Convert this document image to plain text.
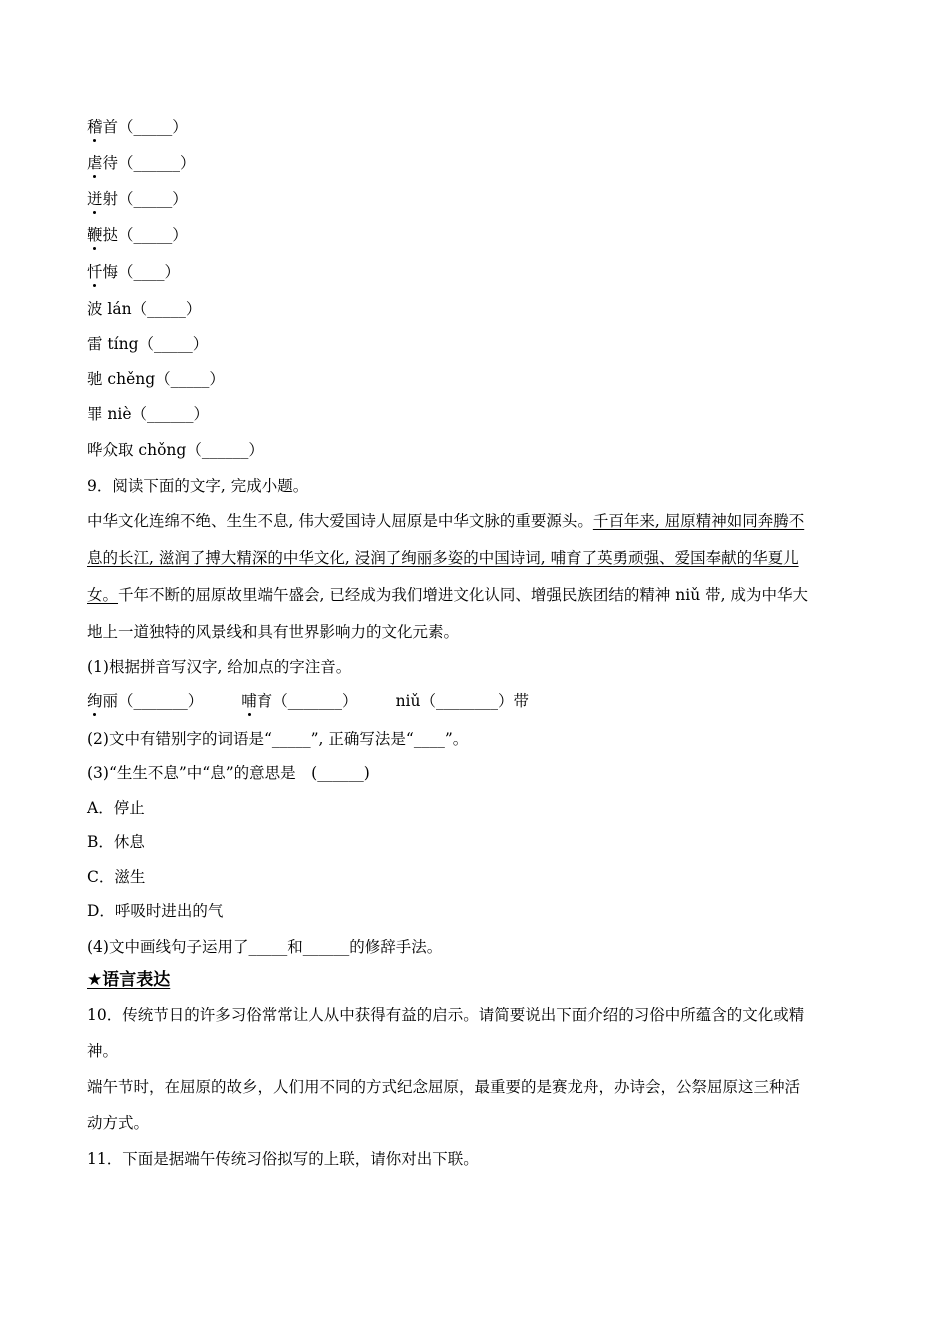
稽首（_____）
虐待（______）
迸射（_____）
鞭挞（_____）
忏悔（____）
波 lán（_____）
雷 tíng（_____）
驰 chěng（_____）
罪 niè（______）
哗众取 chǒng（______）
9．阅读下面的文字, 完成小题。
中华文化连绵不绝、生生不息, 伟大爱国诗人屈原是中华文脉的重要源头。千百年来, 屈原精神如同奔腾不
息的长江, 滋润了搏大精深的中华文化, 浸润了绚丽多姿的中国诗词, 哺育了英勇顽强、爱国奉献的华夏儿
女。千年不断的屈原故里端午盛会, 已经成为我们增进文化认同、增强民族团结的精神 niǔ 带, 成为中华大
地上一道独特的风景线和具有世界影响力的文化元素。
(1)根据拼音写汉字, 给加点的字注音。
绚丽（_______） 哺育（_______） niǔ（________）带
(2)文中有错别字的词语是“_____”, 正确写法是“____”。
(3)“生生不息”中“息”的意思是　(______)
A．停止
B．休息
C．滋生
D．呼吸时进出的气
(4)文中画线句子运用了_____和______的修辞手法。
★语言表达
10．传统节日的许多习俗常常让人从中获得有益的启示。请简要说出下面介绍的习俗中所蕴含的文化或精
神。
端午节时，在屈原的故乡，人们用不同的方式纪念屈原，最重要的是赛龙舟，办诗会，公祭屈原这三种活
动方式。
11．下面是据端午传统习俗拟写的上联，请你对出下联。
